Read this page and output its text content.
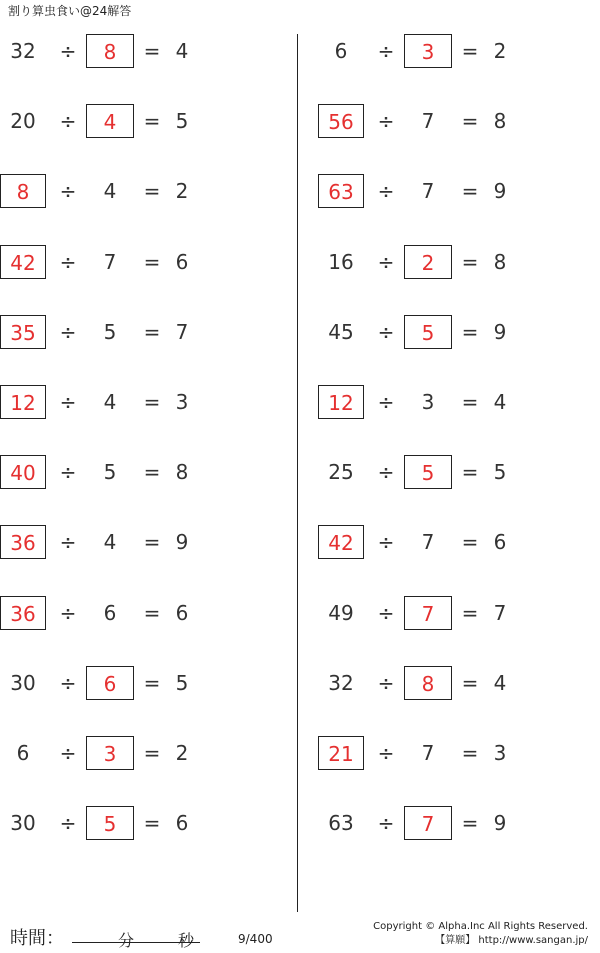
割り算虫食い@24解答
32	÷	8	= 4
20	÷	4	= 5
8	÷	4	= 2
42	÷	7	= 6
35	÷	5	= 7
12	÷	4	= 3
40	÷	5	= 8
36	÷	4	= 9
36	÷	6	= 6
30	÷	6	= 5
6	÷	3	= 2
30	÷	5	= 6
6	÷	3	= 2
56	÷	7	= 8
63	÷	7	= 9
16	÷	2	= 8
45	÷	5	= 9
12	÷	3	= 4
25	÷	5	= 5
42	÷	7	= 6
49	÷	7	= 7
32	÷	8	= 4
21	÷	7	= 3
63	÷	7	= 9
時間：	分	秒	9/400
Copyright © Alpha.Inc All Rights Reserved.
【算願】 http://www.sangan.jp/
